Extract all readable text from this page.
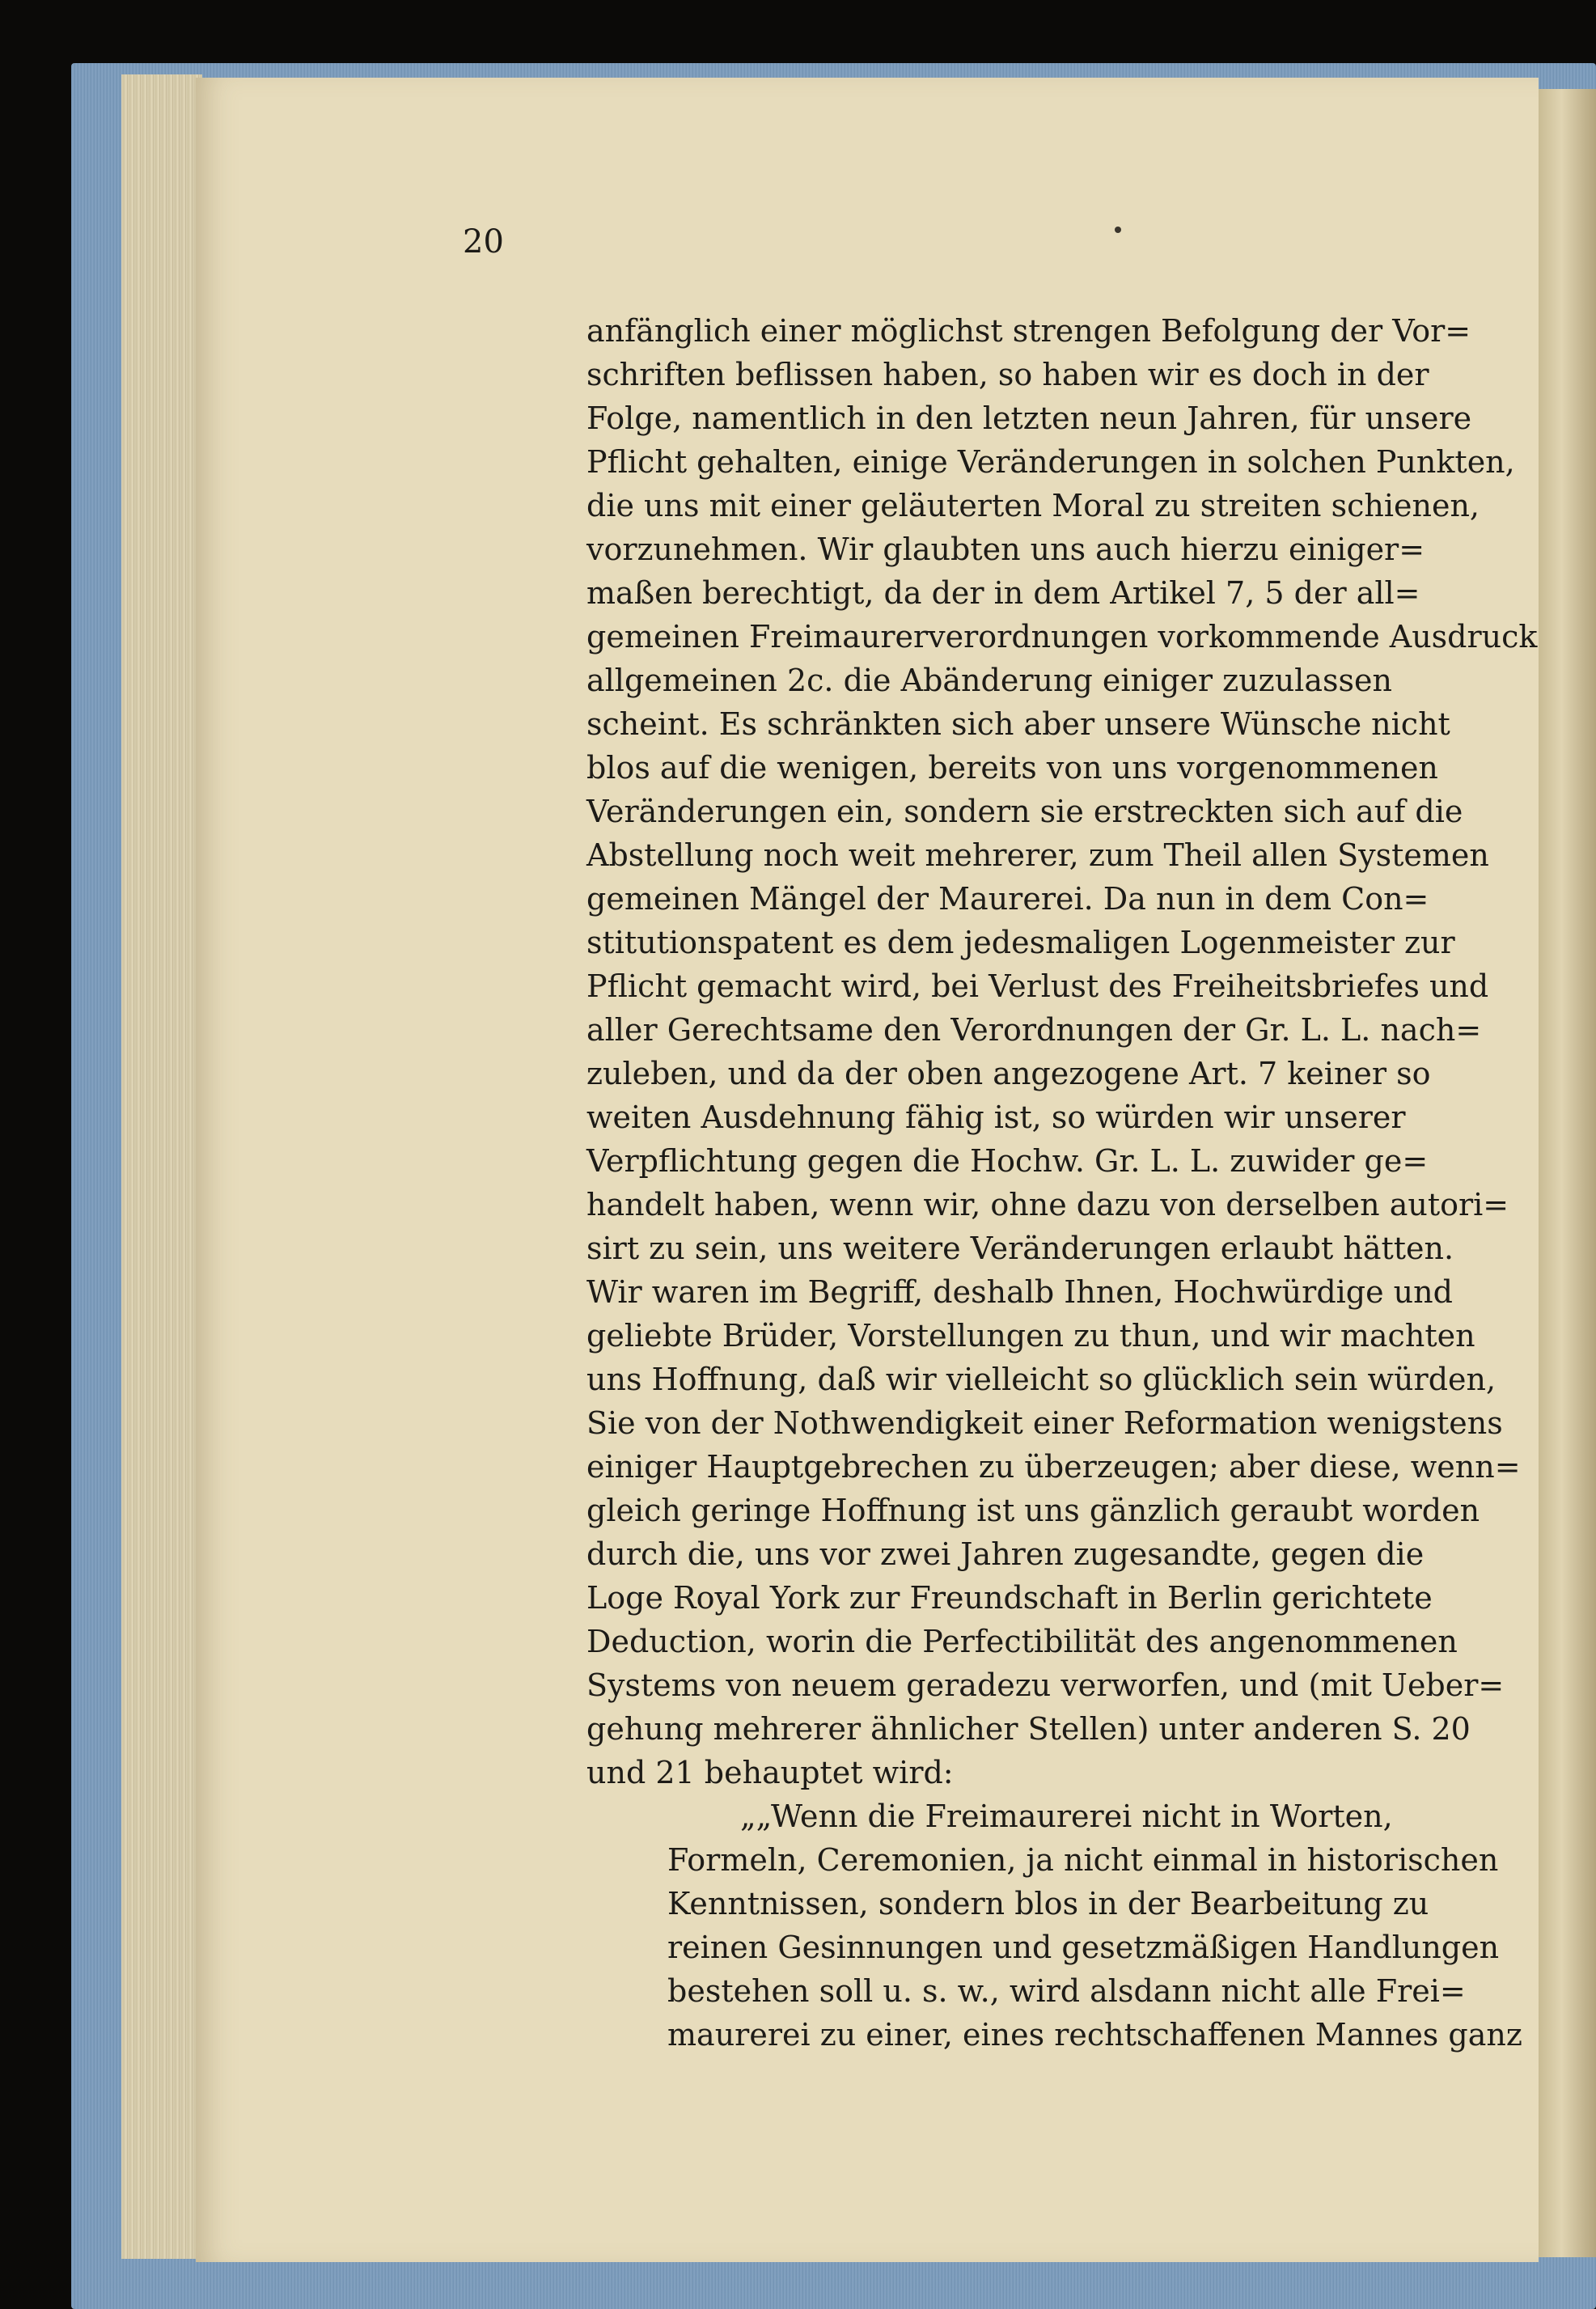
20
anfänglich einer möglichst strengen Befolgung der Vor=
schriften beflissen haben, so haben wir es doch in der
Folge, namentlich in den letzten neun Jahren, für unsere
Pflicht gehalten, einige Veränderungen in solchen Punkten,
die uns mit einer geläuterten Moral zu streiten schienen,
vorzunehmen. Wir glaubten uns auch hierzu einiger=
maßen berechtigt, da der in dem Artikel 7, 5 der all=
gemeinen Freimaurerverordnungen vorkommende Ausdruck
allgemeinen 2c. die Abänderung einiger zuzulassen
scheint. Es schränkten sich aber unsere Wünsche nicht
blos auf die wenigen, bereits von uns vorgenommenen
Veränderungen ein, sondern sie erstreckten sich auf die
Abstellung noch weit mehrerer, zum Theil allen Systemen
gemeinen Mängel der Maurerei. Da nun in dem Con=
stitutionspatent es dem jedesmaligen Logenmeister zur
Pflicht gemacht wird, bei Verlust des Freiheitsbriefes und
aller Gerechtsame den Verordnungen der Gr. L. L. nach=
zuleben, und da der oben angezogene Art. 7 keiner so
weiten Ausdehnung fähig ist, so würden wir unserer
Verpflichtung gegen die Hochw. Gr. L. L. zuwider ge=
handelt haben, wenn wir, ohne dazu von derselben autori=
sirt zu sein, uns weitere Veränderungen erlaubt hätten.
Wir waren im Begriff, deshalb Ihnen, Hochwürdige und
geliebte Brüder, Vorstellungen zu thun, und wir machten
uns Hoffnung, daß wir vielleicht so glücklich sein würden,
Sie von der Nothwendigkeit einer Reformation wenigstens
einiger Hauptgebrechen zu überzeugen; aber diese, wenn=
gleich geringe Hoffnung ist uns gänzlich geraubt worden
durch die, uns vor zwei Jahren zugesandte, gegen die
Loge Royal York zur Freundschaft in Berlin gerichtete
Deduction, worin die Perfectibilität des angenommenen
Systems von neuem geradezu verworfen, und (mit Ueber=
gehung mehrerer ähnlicher Stellen) unter anderen S. 20
und 21 behauptet wird:
„„Wenn die Freimaurerei nicht in Worten,
Formeln, Ceremonien, ja nicht einmal in historischen
Kenntnissen, sondern blos in der Bearbeitung zu
reinen Gesinnungen und gesetzmäßigen Handlungen
bestehen soll u. s. w., wird alsdann nicht alle Frei=
maurerei zu einer, eines rechtschaffenen Mannes ganz
